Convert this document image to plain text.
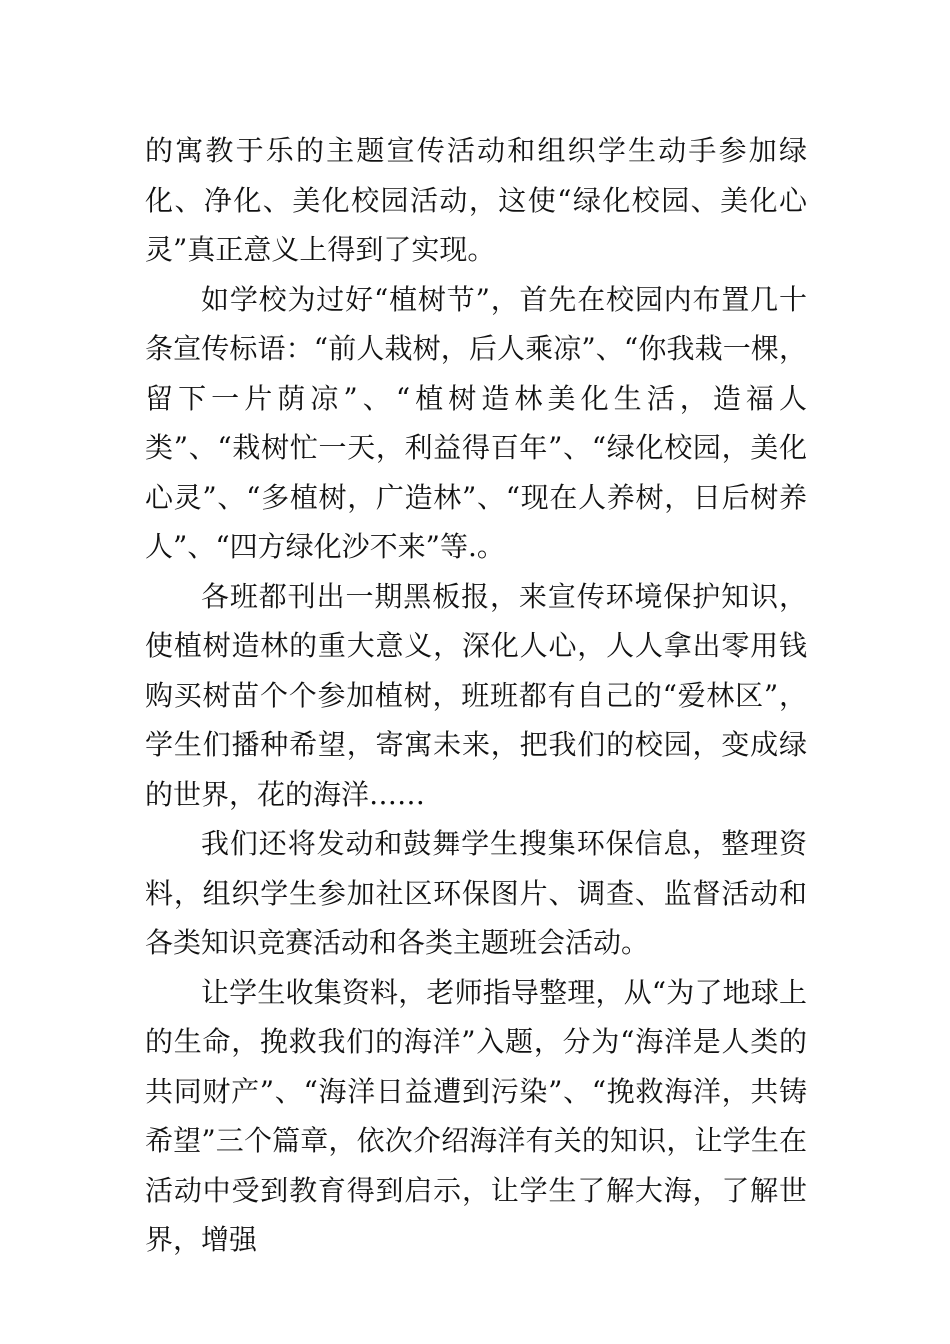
的寓教于乐的主题宣传活动和组织学生动手参加绿化、净化、美化校园活动，这使“绿化校园、美化心灵”真正意义上得到了实现。

如学校为过好“植树节”，首先在校园内布置几十条宣传标语：“前人栽树，后人乘凉”、“你我栽一棵，留下一片荫凉”、“植树造林美化生活，造福人类”、“栽树忙一天，利益得百年”、“绿化校园，美化心灵”、“多植树，广造林”、“现在人养树，日后树养人”、“四方绿化沙不来”等.。

各班都刊出一期黑板报，来宣传环境保护知识，使植树造林的重大意义，深化人心，人人拿出零用钱购买树苗个个参加植树，班班都有自己的“爱林区”，学生们播种希望，寄寓未来，把我们的校园，变成绿的世界，花的海洋……

我们还将发动和鼓舞学生搜集环保信息，整理资料，组织学生参加社区环保图片、调查、监督活动和各类知识竞赛活动和各类主题班会活动。

让学生收集资料，老师指导整理，从“为了地球上的生命，挽救我们的海洋”入题，分为“海洋是人类的共同财产”、“海洋日益遭到污染”、“挽救海洋，共铸希望”三个篇章，依次介绍海洋有关的知识，让学生在活动中受到教育得到启示，让学生了解大海，了解世界，增强
